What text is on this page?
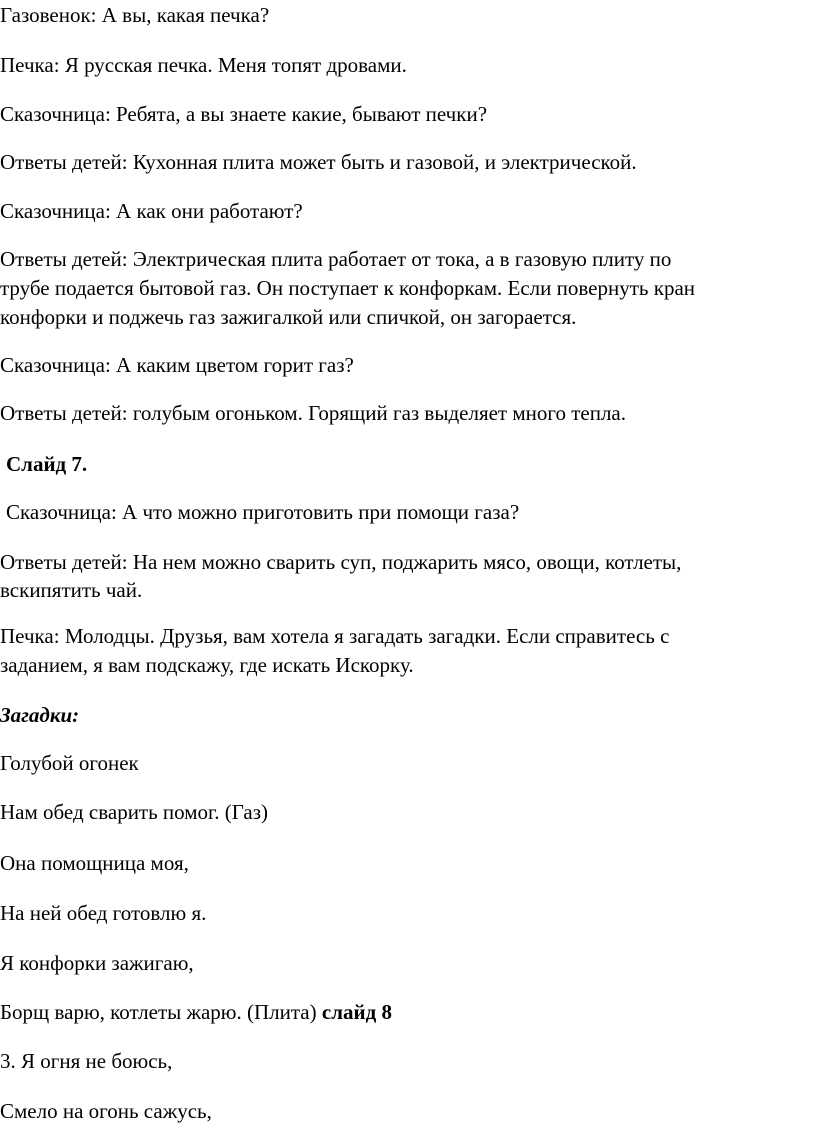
Газовенок: А вы, какая печка?
Печка: Я русская печка. Меня топят дровами.
Сказочница: Ребята, а вы знаете какие, бывают печки?
Ответы детей: Кухонная плита может быть и газовой, и электрической.
Сказочница: А как они работают?
Ответы детей: Электрическая плита работает от тока, а в газовую плиту по
трубе подается бытовой газ. Он поступает к конфоркам. Если повернуть кран
конфорки и поджечь газ зажигалкой или спичкой, он загорается.
Сказочница: А каким цветом горит газ?
Ответы детей: голубым огоньком. Горящий газ выделяет много тепла.
Слайд 7.
Сказочница: А что можно приготовить при помощи газа?
Ответы детей: На нем можно сварить суп, поджарить мясо, овощи, котлеты,
вскипятить чай.
Печка: Молодцы. Друзья, вам хотела я загадать загадки. Если справитесь с
заданием, я вам подскажу, где искать Искорку.
Загадки:
Голубой огонек
Нам обед сварить помог. (Газ)
Она помощница моя,
На ней обед готовлю я.
Я конфорки зажигаю,
Борщ варю, котлеты жарю. (Плита) слайд 8
3. Я огня не боюсь,
Смело на огонь сажусь,
